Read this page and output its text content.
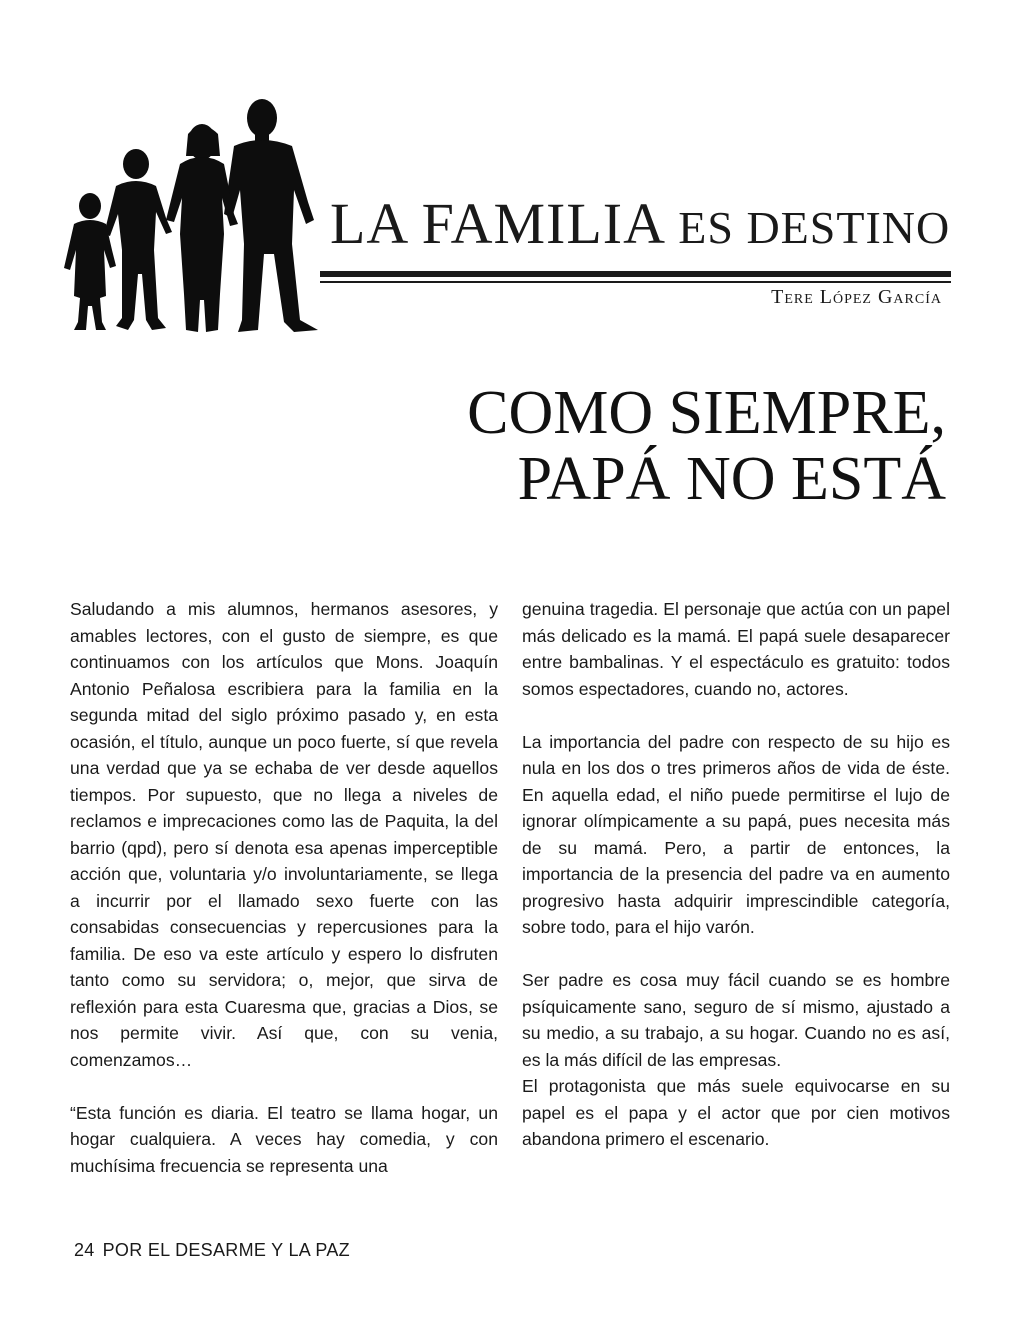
LA FAMILIA ES DESTINO
Tere López García
COMO SIEMPRE,
PAPÁ NO ESTÁ

Saludando a mis alumnos, hermanos asesores, y amables lectores, con el gusto de siempre, es que continuamos con los artículos que Mons. Joaquín Antonio Peñalosa escribiera para la familia en la segunda mitad del siglo próximo pasado y, en esta ocasión, el título, aunque un poco fuerte, sí que revela una verdad que ya se echaba de ver desde aquellos tiempos. Por supuesto, que no llega a niveles de reclamos e imprecaciones como las de Paquita, la del barrio (qpd), pero sí denota esa apenas imperceptible acción que, voluntaria y/o involuntariamente, se llega a incurrir por el llamado sexo fuerte con las consabidas consecuencias y repercusiones para la familia. De eso va este artículo y espero lo disfruten tanto como su servidora; o, mejor, que sirva de reflexión para esta Cuaresma que, gracias a Dios, se nos permite vivir. Así que, con su venia, comenzamos…

“Esta función es diaria. El teatro se llama hogar, un hogar cualquiera. A veces hay comedia, y con muchísima frecuencia se representa una

genuina tragedia. El personaje que actúa con un papel más delicado es la mamá. El papá suele desaparecer entre bambalinas. Y el espectáculo es gratuito: todos somos espectadores, cuando no, actores.

La importancia del padre con respecto de su hijo es nula en los dos o tres primeros años de vida de éste. En aquella edad, el niño puede permitirse el lujo de ignorar olímpicamente a su papá, pues necesita más de su mamá. Pero, a partir de entonces, la importancia de la presencia del padre va en aumento progresivo hasta adquirir imprescindible categoría, sobre todo, para el hijo varón.

Ser padre es cosa muy fácil cuando se es hombre psíquicamente sano, seguro de sí mismo, ajustado a su medio, a su trabajo, a su hogar. Cuando no es así, es la más difícil de las empresas.

El protagonista que más suele equivocarse en su papel es el papa y el actor que por cien motivos abandona primero el escenario.

24 POR EL DESARME Y LA PAZ
